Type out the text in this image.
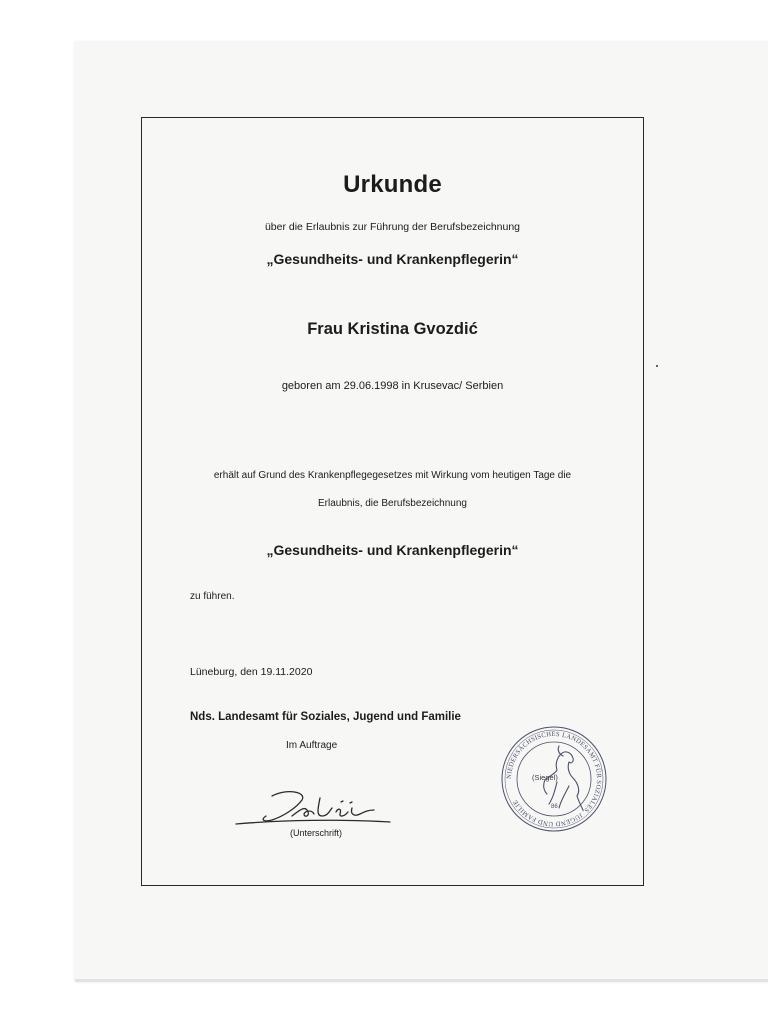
Urkunde
über die Erlaubnis zur Führung der Berufsbezeichnung
„Gesundheits- und Krankenpflegerin“
Frau Kristina Gvozdić
geboren am 29.06.1998 in Krusevac/ Serbien
erhält auf Grund des Krankenpflegegesetzes mit Wirkung vom heutigen Tage die
Erlaubnis, die Berufsbezeichnung
„Gesundheits- und Krankenpflegerin“
zu führen.
Lüneburg, den 19.11.2020
Nds. Landesamt für Soziales, Jugend und Familie
Im Auftrage
(Unterschrift)
NIEDERSÄCHSISCHES LANDESAMT FÜR SOZIALES, JUGEND UND FAMILIE
(Siegel)
86
